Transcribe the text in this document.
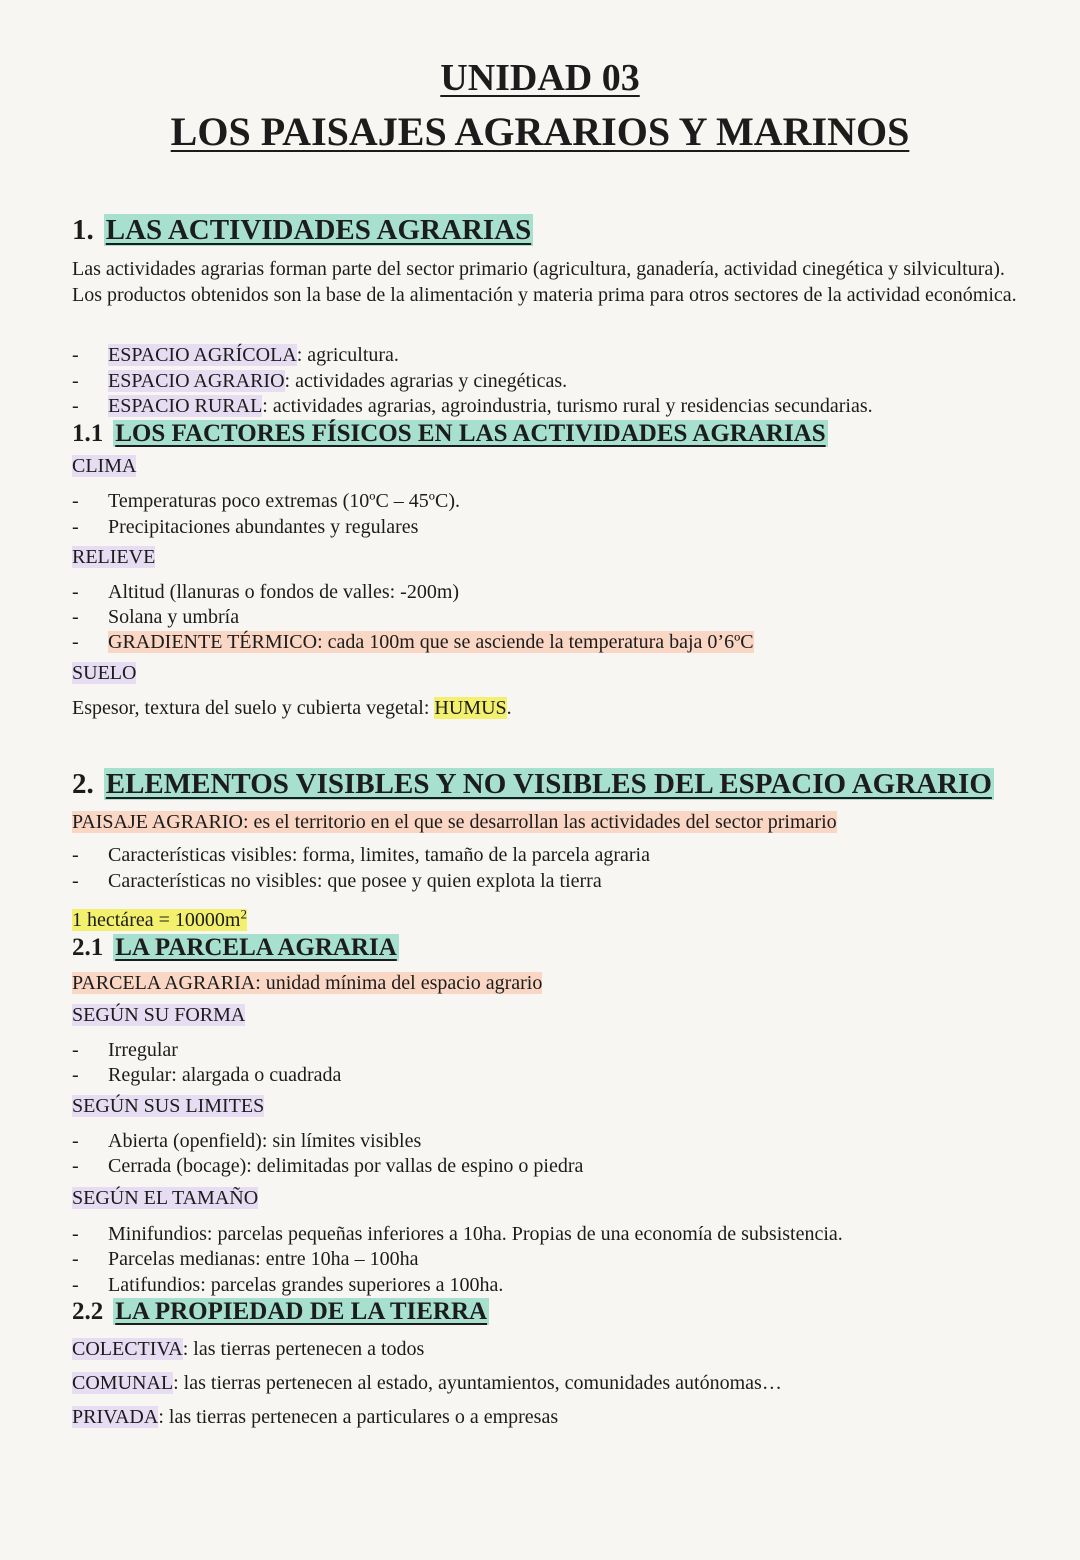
UNIDAD 03
LOS PAISAJES AGRARIOS Y MARINOS
1. LAS ACTIVIDADES AGRARIAS
Las actividades agrarias forman parte del sector primario (agricultura, ganadería, actividad cinegética y silvicultura). Los productos obtenidos son la base de la alimentación y materia prima para otros sectores de la actividad económica.
- ESPACIO AGRÍCOLA: agricultura.
- ESPACIO AGRARIO: actividades agrarias y cinegéticas.
- ESPACIO RURAL: actividades agrarias, agroindustria, turismo rural y residencias secundarias.
1.1 LOS FACTORES FÍSICOS EN LAS ACTIVIDADES AGRARIAS
CLIMA
- Temperaturas poco extremas (10ºC – 45ºC).
- Precipitaciones abundantes y regulares
RELIEVE
- Altitud (llanuras o fondos de valles: -200m)
- Solana y umbría
- GRADIENTE TÉRMICO: cada 100m que se asciende la temperatura baja 0’6ºC
SUELO
Espesor, textura del suelo y cubierta vegetal: HUMUS.
2. ELEMENTOS VISIBLES Y NO VISIBLES DEL ESPACIO AGRARIO
PAISAJE AGRARIO: es el territorio en el que se desarrollan las actividades del sector primario
- Características visibles: forma, limites, tamaño de la parcela agraria
- Características no visibles: que posee y quien explota la tierra
1 hectárea = $10000m^2$
2.1 LA PARCELA AGRARIA
PARCELA AGRARIA: unidad mínima del espacio agrario
SEGÚN SU FORMA
- Irregular
- Regular: alargada o cuadrada
SEGÚN SUS LIMITES
- Abierta (openfield): sin límites visibles
- Cerrada (bocage): delimitadas por vallas de espino o piedra
SEGÚN EL TAMAÑO
- Minifundios: parcelas pequeñas inferiores a 10ha. Propias de una economía de subsistencia.
- Parcelas medianas: entre 10ha – 100ha
- Latifundios: parcelas grandes superiores a 100ha.
2.2 LA PROPIEDAD DE LA TIERRA
COLECTIVA: las tierras pertenecen a todos
COMUNAL: las tierras pertenecen al estado, ayuntamientos, comunidades autónomas…
PRIVADA: las tierras pertenecen a particulares o a empresas
